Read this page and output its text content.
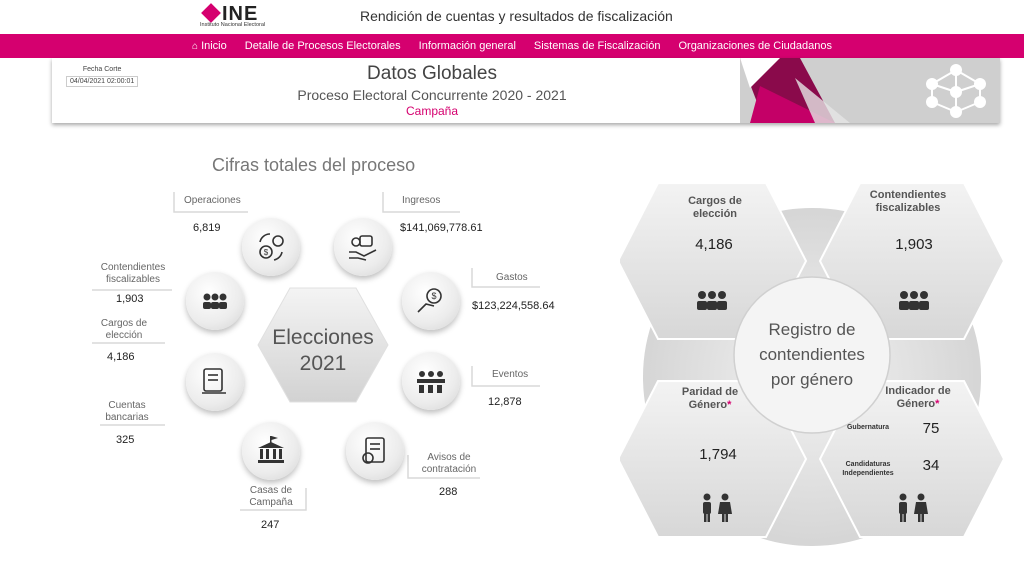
INE
Instituto Nacional Electoral
Rendición de cuentas y resultados de fiscalización
⌂ Inicio	Detalle de Procesos Electorales	Información general	Sistemas de Fiscalización	Organizaciones de Ciudadanos
Fecha Corte
04/04/2021 02:00:01	Datos Globales
Proceso Electoral Concurrente 2020 - 2021
Campaña
Cifras totales del proceso
Operaciones
6,819
$
Ingresos
$141,069,778.61
Contendientes
fiscalizables
1,903
Gastos
$123,224,558.64
$
Cargos de
elección
4,186
Elecciones
2021	Eventos
12,878
Cuentas
bancarias
325
Avisos de
contratación
288
Casas de
Campaña
247
Cargos de
elección
4,186
Contendientes
fiscalizables
1,903
Registro de
contendientes
por género
Paridad de
Género*
1,794
Indicador de
Género*
Gubernatura	75
Candidaturas
Independientes	34
